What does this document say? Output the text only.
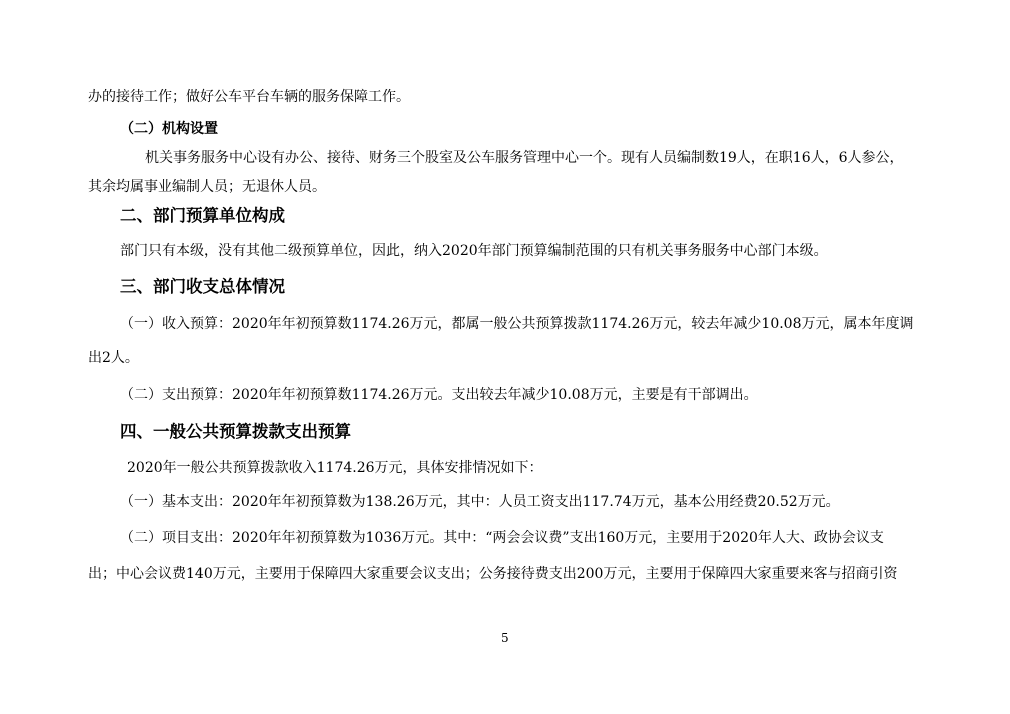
办的接待工作；做好公车平台车辆的服务保障工作。
（二）机构设置
机关事务服务中心设有办公、接待、财务三个股室及公车服务管理中心一个。现有人员编制数19人，在职16人，6人参公，
其余均属事业编制人员；无退休人员。
二、部门预算单位构成
部门只有本级，没有其他二级预算单位，因此，纳入2020年部门预算编制范围的只有机关事务服务中心部门本级。
三、部门收支总体情况
（一）收入预算：2020年年初预算数1174.26万元，都属一般公共预算拨款1174.26万元，较去年减少10.08万元，属本年度调
出2人。
（二）支出预算：2020年年初预算数1174.26万元。支出较去年减少10.08万元，主要是有干部调出。
四、一般公共预算拨款支出预算
2020年一般公共预算拨款收入1174.26万元，具体安排情况如下：
（一）基本支出：2020年年初预算数为138.26万元，其中：人员工资支出117.74万元，基本公用经费20.52万元。
（二）项目支出：2020年年初预算数为1036万元。其中：“两会会议费”支出160万元，主要用于2020年人大、政协会议支
出；中心会议费140万元，主要用于保障四大家重要会议支出；公务接待费支出200万元，主要用于保障四大家重要来客与招商引资
5
